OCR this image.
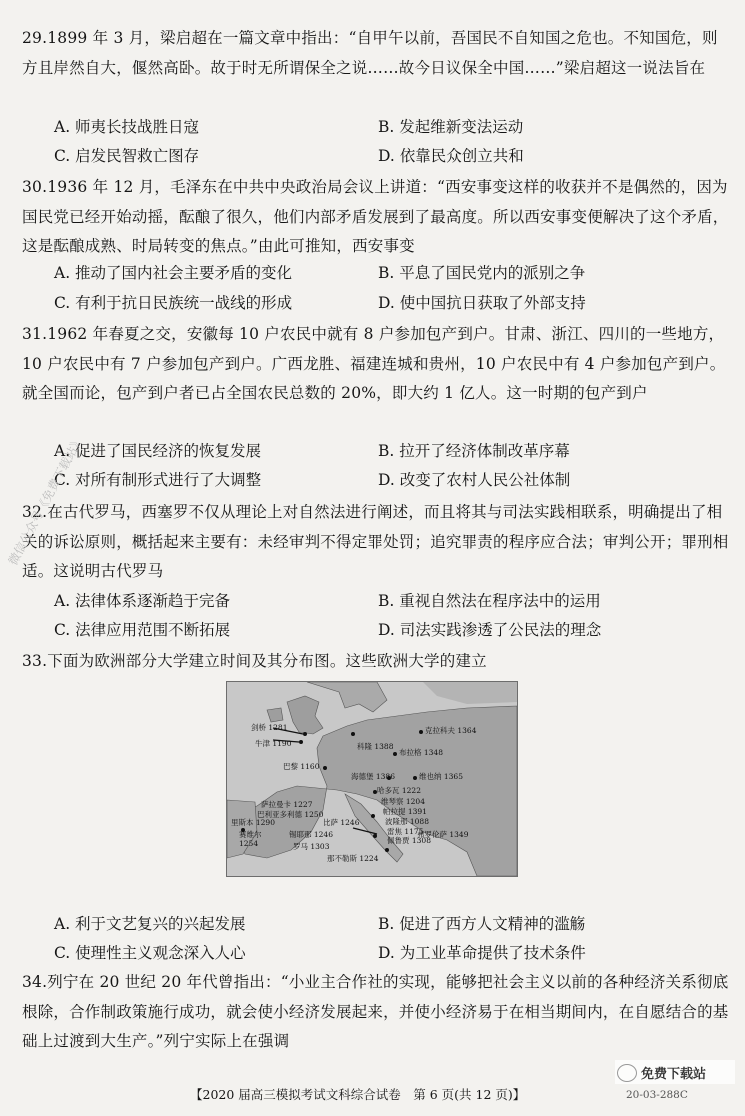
29.1899 年 3 月，梁启超在一篇文章中指出：“自甲午以前，吾国民不自知国之危也。不知国危，则方且岸然自大，偃然高卧。故于时无所谓保全之说……故今日议保全中国……”梁启超这一说法旨在
A. 师夷长技战胜日寇	B. 发起维新变法运动
C. 启发民智救亡图存	D. 依靠民众创立共和
30.1936 年 12 月，毛泽东在中共中央政治局会议上讲道：“西安事变这样的收获并不是偶然的，因为国民党已经开始动摇，酝酿了很久，他们内部矛盾发展到了最高度。所以西安事变便解决了这个矛盾，这是酝酿成熟、时局转变的焦点。”由此可推知，西安事变
A. 推动了国内社会主要矛盾的变化	B. 平息了国民党内的派别之争
C. 有利于抗日民族统一战线的形成	D. 使中国抗日获取了外部支持
31.1962 年春夏之交，安徽每 10 户农民中就有 8 户参加包产到户。甘肃、浙江、四川的一些地方，10 户农民中有 7 户参加包产到户。广西龙胜、福建连城和贵州，10 户农民中有 4 户参加包产到户。就全国而论，包产到户者已占全国农民总数的 20%，即大约 1 亿人。这一时期的包产到户
A. 促进了国民经济的恢复发展	B. 拉开了经济体制改革序幕
C. 对所有制形式进行了大调整	D. 改变了农村人民公社体制
32.在古代罗马，西塞罗不仅从理论上对自然法进行阐述，而且将其与司法实践相联系，明确提出了相关的诉讼原则，概括起来主要有：未经审判不得定罪处罚；追究罪责的程序应合法；审判公开；罪刑相适。这说明古代罗马
A. 法律体系逐渐趋于完备	B. 重视自然法在程序法中的运用
C. 法律应用范围不断拓展	D. 司法实践渗透了公民法的理念
33.下面为欧洲部分大学建立时间及其分布图。这些欧洲大学的建立
剑桥 1281
牛津 1190	科隆 1388
克拉科夫 1364
巴黎 1160
布拉格 1348
海德堡 1386	维也纳 1365
萨拉曼卡 1227
哈多瓦 1222
巴利亚多利德 1250
维琴察 1204
里斯本 1290
帕拉提 1391
比萨 1246	波隆那 1088
赛维尔
1254
雷焦 1175
锡耶那 1246
佩鲁贾 1308
弗罗伦萨 1349
罗马 1303
那不勒斯 1224
A. 利于文艺复兴的兴起发展	B. 促进了西方人文精神的滥觞
C. 使理性主义观念深入人心	D. 为工业革命提供了技术条件
34.列宁在 20 世纪 20 年代曾指出：“小业主合作社的实现，能够把社会主义以前的各种经济关系彻底根除，合作制政策施行成功，就会使小经济发展起来，并使小经济易于在相当期间内，在自愿结合的基础上过渡到大生产。”列宁实际上在强调
【2020 届高三模拟考试文科综合试卷　第 6 页(共 12 页)】	20-03-288C
微信公众号《免费下载站》
免费下载站
